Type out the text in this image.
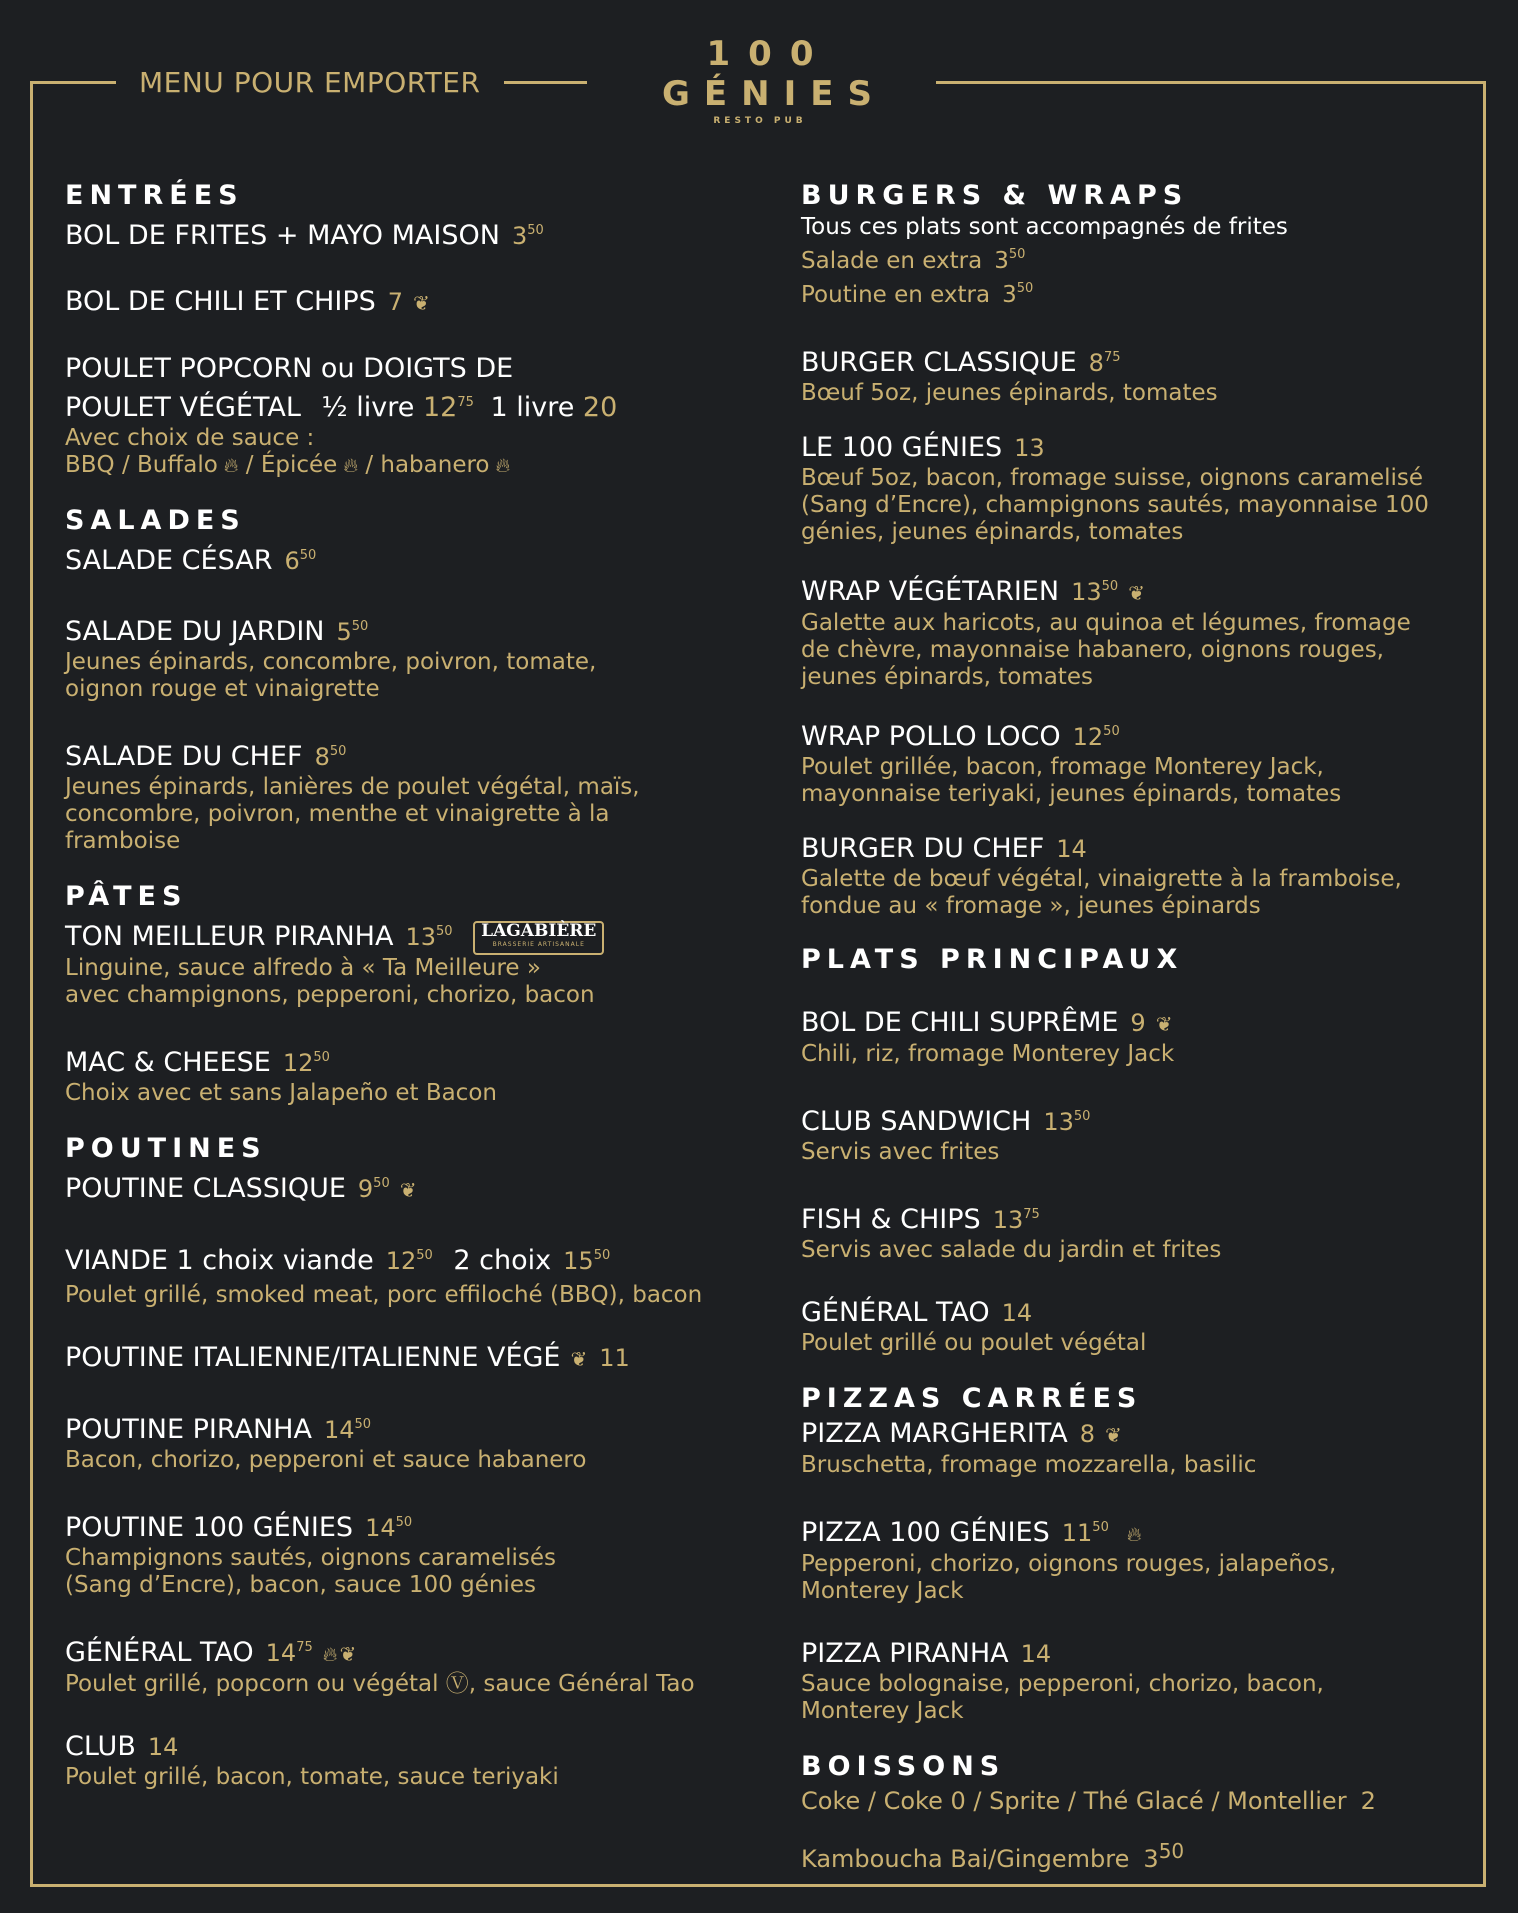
MENU POUR EMPORTER
100
GÉNIES
RESTO PUB
ENTRÉES
BOL DE FRITES + MAYO MAISON $3^{50}$
BOL DE CHILI ET CHIPS 7 ❦
POULET POPCORN ou DOIGTS DE
POULET VÉGÉTAL ½ livre $12^{75}$ 1 livre 20
Avec choix de sauce :
BBQ / Buffalo 🔥︎ / Épicée 🔥︎ / habanero 🔥︎
SALADES
SALADE CÉSAR $6^{50}$
SALADE DU JARDIN $5^{50}$
Jeunes épinards, concombre, poivron, tomate,
oignon rouge et vinaigrette
SALADE DU CHEF $8^{50}$
Jeunes épinards, lanières de poulet végétal, maïs,
concombre, poivron, menthe et vinaigrette à la
framboise
PÂTES
TON MEILLEUR PIRANHA $13^{50}$ LAGABIÈRE
BRASSERIE ARTISANALE
Linguine, sauce alfredo à « Ta Meilleure »
avec champignons, pepperoni, chorizo, bacon
MAC & CHEESE $12^{50}$
Choix avec et sans Jalapeño et Bacon
POUTINES
POUTINE CLASSIQUE $9^{50}$ ❦
VIANDE 1 choix viande $12^{50}$ 2 choix $15^{50}$
Poulet grillé, smoked meat, porc effiloché (BBQ), bacon
POUTINE ITALIENNE/ITALIENNE VÉGÉ ❦ 11
POUTINE PIRANHA $14^{50}$
Bacon, chorizo, pepperoni et sauce habanero
POUTINE 100 GÉNIES $14^{50}$
Champignons sautés, oignons caramelisés
(Sang d’Encre), bacon, sauce 100 génies
GÉNÉRAL TAO $14^{75}$ 🔥︎ ❦
Poulet grillé, popcorn ou végétal Ⓥ, sauce Général Tao
CLUB 14
Poulet grillé, bacon, tomate, sauce teriyaki
BURGERS & WRAPS
Tous ces plats sont accompagnés de frites
Salade en extra $3^{50}$
Poutine en extra $3^{50}$
BURGER CLASSIQUE $8^{75}$
Bœuf 5oz, jeunes épinards, tomates
LE 100 GÉNIES 13
Bœuf 5oz, bacon, fromage suisse, oignons caramelisé
(Sang d’Encre), champignons sautés, mayonnaise 100
génies, jeunes épinards, tomates
WRAP VÉGÉTARIEN $13^{50}$ ❦
Galette aux haricots, au quinoa et légumes, fromage
de chèvre, mayonnaise habanero, oignons rouges,
jeunes épinards, tomates
WRAP POLLO LOCO $12^{50}$
Poulet grillée, bacon, fromage Monterey Jack,
mayonnaise teriyaki, jeunes épinards, tomates
BURGER DU CHEF 14
Galette de bœuf végétal, vinaigrette à la framboise,
fondue au « fromage », jeunes épinards
PLATS PRINCIPAUX
BOL DE CHILI SUPRÊME 9 ❦
Chili, riz, fromage Monterey Jack
CLUB SANDWICH $13^{50}$
Servis avec frites
FISH & CHIPS $13^{75}$
Servis avec salade du jardin et frites
GÉNÉRAL TAO 14
Poulet grillé ou poulet végétal
PIZZAS CARRÉES
PIZZA MARGHERITA 8 ❦
Bruschetta, fromage mozzarella, basilic
PIZZA 100 GÉNIES $11^{50}$ 🔥︎
Pepperoni, chorizo, oignons rouges, jalapeños,
Monterey Jack
PIZZA PIRANHA 14
Sauce bolognaise, pepperoni, chorizo, bacon,
Monterey Jack
BOISSONS
Coke / Coke 0 / Sprite / Thé Glacé / Montellier 2
Kamboucha Bai/Gingembre $3^{50}$
